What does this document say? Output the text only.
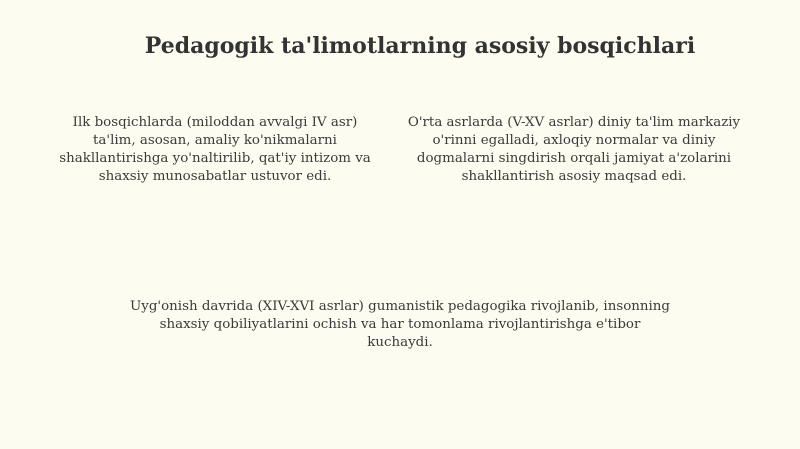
Pedagogik ta'limotlarning asosiy bosqichlari

Ilk bosqichlarda (miloddan avvalgi IV asr) ta'lim, asosan, amaliy ko'nikmalarni shakllantirishga yo'naltirilib, qat'iy intizom va shaxsiy munosabatlar ustuvor edi.

O'rta asrlarda (V-XV asrlar) diniy ta'lim markaziy o'rinni egalladi, axloqiy normalar va diniy dogmalarni singdirish orqali jamiyat a'zolarini shakllantirish asosiy maqsad edi.

Uyg'onish davrida (XIV-XVI asrlar) gumanistik pedagogika rivojlanib, insonning shaxsiy qobiliyatlarini ochish va har tomonlama rivojlantirishga e'tibor kuchaydi.
